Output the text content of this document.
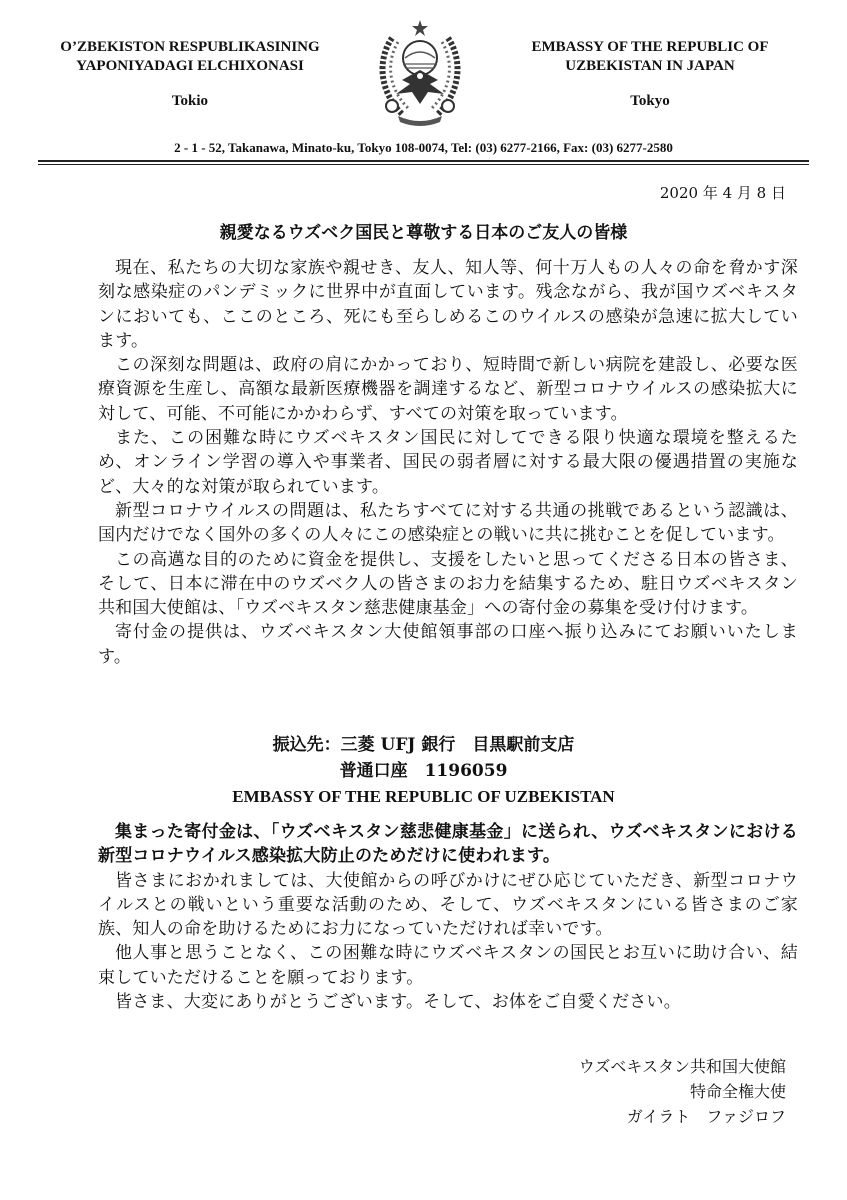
O’ZBEKISTON RESPUBLIKASINING
YAPONIYADAGI ELCHIXONASI
Tokio
EMBASSY OF THE REPUBLIC OF
UZBEKISTAN IN JAPAN
Tokyo
2 - 1 - 52, Takanawa, Minato-ku, Tokyo 108-0074, Tel: (03) 6277-2166, Fax: (03) 6277-2580
2020 年 4 月 8 日
親愛なるウズベク国民と尊敬する日本のご友人の皆様

現在、私たちの大切な家族や親せき、友人、知人等、何十万人もの人々の命を脅かす深刻な感染症のパンデミックに世界中が直面しています。残念ながら、我が国ウズベキスタンにおいても、ここのところ、死にも至らしめるこのウイルスの感染が急速に拡大しています。

この深刻な問題は、政府の肩にかかっており、短時間で新しい病院を建設し、必要な医療資源を生産し、高額な最新医療機器を調達するなど、新型コロナウイルスの感染拡大に対して、可能、不可能にかかわらず、すべての対策を取っています。

また、この困難な時にウズベキスタン国民に対してできる限り快適な環境を整えるため、オンライン学習の導入や事業者、国民の弱者層に対する最大限の優遇措置の実施など、大々的な対策が取られています。

新型コロナウイルスの問題は、私たちすべてに対する共通の挑戦であるという認識は、国内だけでなく国外の多くの人々にこの感染症との戦いに共に挑むことを促しています。

この高邁な目的のために資金を提供し、支援をしたいと思ってくださる日本の皆さま、そして、日本に滞在中のウズベク人の皆さまのお力を結集するため、駐日ウズベキスタン共和国大使館は、「ウズベキスタン慈悲健康基金」への寄付金の募集を受け付けます。

寄付金の提供は、ウズベキスタン大使館領事部の口座へ振り込みにてお願いいたします。

振込先：三菱 UFJ 銀行　目黒駅前支店
普通口座　1196059
EMBASSY OF THE REPUBLIC OF UZBEKISTAN

集まった寄付金は、「ウズベキスタン慈悲健康基金」に送られ、ウズベキスタンにおける新型コロナウイルス感染拡大防止のためだけに使われます。

皆さまにおかれましては、大使館からの呼びかけにぜひ応じていただき、新型コロナウイルスとの戦いという重要な活動のため、そして、ウズベキスタンにいる皆さまのご家族、知人の命を助けるためにお力になっていただければ幸いです。

他人事と思うことなく、この困難な時にウズベキスタンの国民とお互いに助け合い、結束していただけることを願っております。

皆さま、大変にありがとうございます。そして、お体をご自愛ください。

ウズベキスタン共和国大使館
特命全権大使
ガイラト　ファジロフ
